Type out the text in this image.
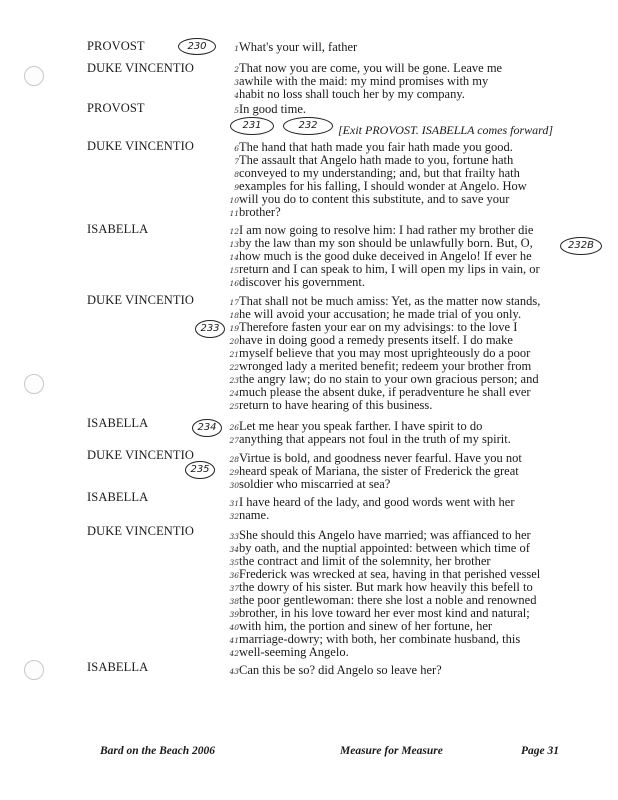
PROVOST	1 What's your will, father
DUKE VINCENTIO	2 That now you are come, you will be gone. Leave me
3 awhile with the maid: my mind promises with my
4 habit no loss shall touch her by my company.
PROVOST	5 In good time.
[Exit PROVOST. ISABELLA comes forward]
DUKE VINCENTIO	6 The hand that hath made you fair hath made you good.
7 The assault that Angelo hath made to you, fortune hath
8 conveyed to my understanding; and, but that frailty hath
9 examples for his falling, I should wonder at Angelo. How
10 will you do to content this substitute, and to save your
11 brother?
ISABELLA	12 I am now going to resolve him: I had rather my brother die
13 by the law than my son should be unlawfully born. But, O,
14 how much is the good duke deceived in Angelo! If ever he
15 return and I can speak to him, I will open my lips in vain, or
16 discover his government.
DUKE VINCENTIO	17 That shall not be much amiss: Yet, as the matter now stands,
18 he will avoid your accusation; he made trial of you only.
19 Therefore fasten your ear on my advisings: to the love I
20 have in doing good a remedy presents itself. I do make
21 myself believe that you may most uprighteously do a poor
22 wronged lady a merited benefit; redeem your brother from
23 the angry law; do no stain to your own gracious person; and
24 much please the absent duke, if peradventure he shall ever
25 return to have hearing of this business.
ISABELLA	26 Let me hear you speak farther. I have spirit to do
27 anything that appears not foul in the truth of my spirit.
DUKE VINCENTIO	28 Virtue is bold, and goodness never fearful. Have you not
29 heard speak of Mariana, the sister of Frederick the great
30 soldier who miscarried at sea?
ISABELLA	31 I have heard of the lady, and good words went with her
32 name.
DUKE VINCENTIO	33 She should this Angelo have married; was affianced to her
34 by oath, and the nuptial appointed: between which time of
35 the contract and limit of the solemnity, her brother
36 Frederick was wrecked at sea, having in that perished vessel
37 the dowry of his sister. But mark how heavily this befell to
38 the poor gentlewoman: there she lost a noble and renowned
39 brother, in his love toward her ever most kind and natural;
40 with him, the portion and sinew of her fortune, her
41 marriage-dowry; with both, her combinate husband, this
42 well-seeming Angelo.
ISABELLA	43 Can this be so? did Angelo so leave her?
230
231	232
232B
233
234
235
Bard on the Beach 2006	Measure for Measure	Page 31
